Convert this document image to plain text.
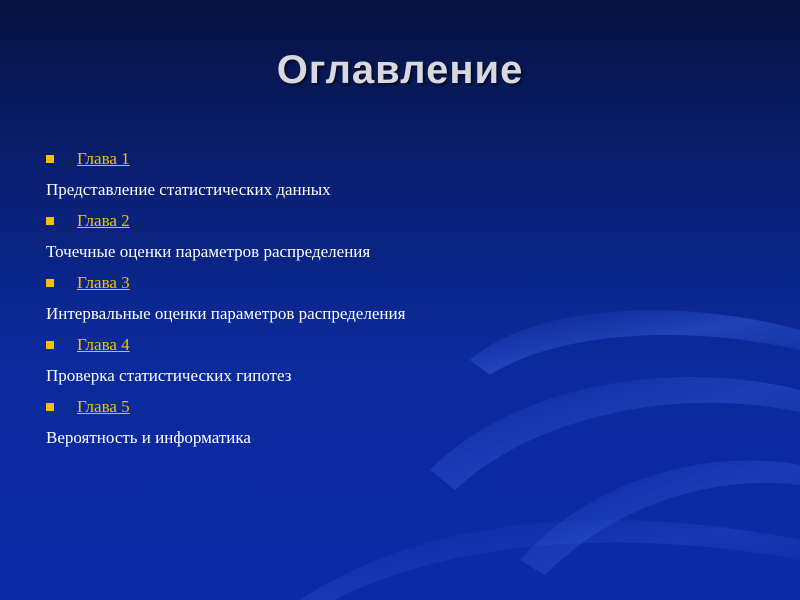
Оглавление
Глава 1
Представление статистических данных
Глава 2
Точечные оценки параметров распределения
Глава 3
Интервальные оценки параметров распределения
Глава 4
Проверка статистических гипотез
Глава 5
Вероятность и информатика
